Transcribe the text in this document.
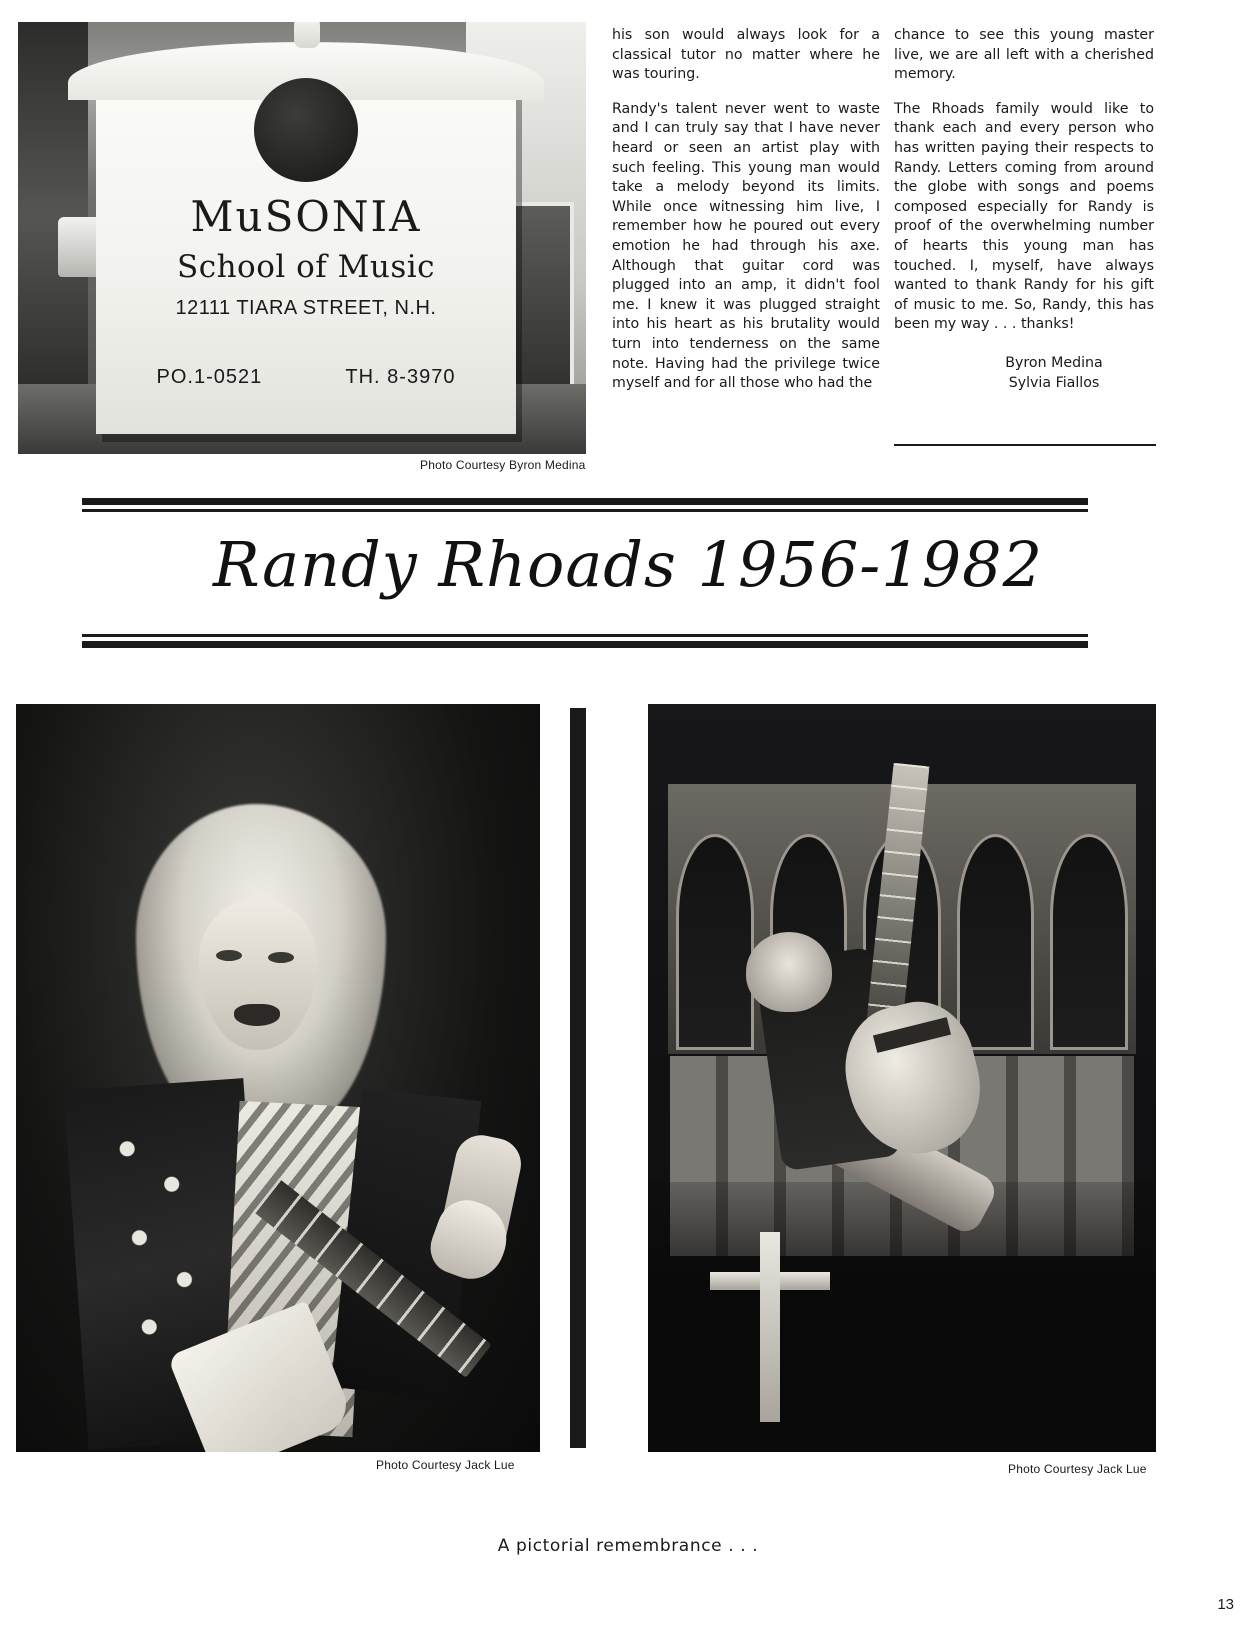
MuSONIA
School of Music
12111 TIARA STREET, N.H.
PO.1-0521	TH. 8-3970
Photo Courtesy Byron Medina

his son would always look for a classical tutor no matter where he was touring.

Randy's talent never went to waste and I can truly say that I have never heard or seen an artist play with such feeling. This young man would take a melody beyond its limits. While once witnessing him live, I remember how he poured out every emotion he had through his axe. Although that guitar cord was plugged into an amp, it didn't fool me. I knew it was plugged straight into his heart as his brutality would turn into tenderness on the same note. Having had the privilege twice myself and for all those who had the

chance to see this young master live, we are all left with a cherished memory.

The Rhoads family would like to thank each and every person who has written paying their respects to Randy. Letters coming from around the globe with songs and poems composed especially for Randy is proof of the overwhelming number of hearts this young man has touched. I, myself, have always wanted to thank Randy for his gift of music to me. So, Randy, this has been my way . . . thanks!

Byron Medina
Sylvia Fiallos
Randy Rhoads 1956-1982
Photo Courtesy Jack Lue	Photo Courtesy Jack Lue
A pictorial remembrance . . .
13
